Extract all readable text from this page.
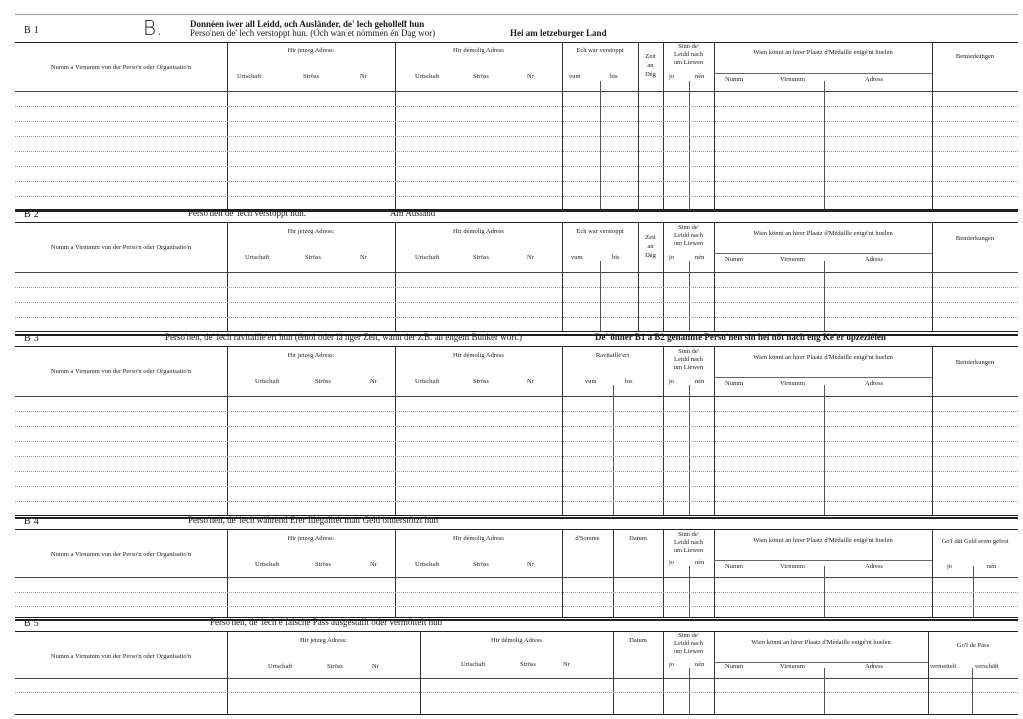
B 1	B.	Donnéen iwer all Leidd, och Ausländer, de' lech geholleſf hun
Perso'nen de' lech verstoppt hun. (Och wan et nömmen én Dag wor)	Hei am letzeburger Land
Numm a Virnumm vun der Perso'n oder Organisatio'n
Hir jetzeg Adress:
Urtschaft	Ströss	Nr
Hir démolig Adress
Urtschaft	Ströss	Nr
Ech war verstoppt
vum	bis
Zeit
an
Dég
Sinn de'
Leidd nach
um Liewen
jo	nén
Wien könnt an hirer Plaatz d'Médaille entgé'nt huelen
Numm	Virnumm	Adress
Bemierkungen
B 2	Perso'nen de' lech verstoppt hun.	Am Ausland
Numm a Virnumm vun der Perso'n oder Organisatio'n
Hir jetzeg Adress:
Urtschaft	Ströss	Nr
Hir démolig Adress
Urtschaft	Ströss	Nr
Ech war verstoppt
vum	bis
Zeit
an
Dég
Sinn de'
Leidd nach
um Liewen
jo	nén
Wien könnt an hirer Plaatz d'Médaille entgé'nt huelen
Numm	Virnumm	Adress
Bemierkungen
B 3	Perso'nen, de' lech ravitaille'ert hun (émol oder lä nger Zeit, wann der z.B. an engem Bunker wort.)	De' önner B1 a B2 genannte Perso'nen sin hei nöt nach eng Ke'er opzeziélen
Numm a Virnumm vun der Perso'n oder Organisatio'n
Hir jetzeg Adress:
Urtschaft	Ströss	Nr
Hir démolig Adress
Urtschaft	Ströss	Nr
Ravitaille'ert
vum	bis
Sinn de'
Leidd nach
um Liewen
jo	nén
Wien könnt an hirer Plaatz d'Médaille entgé'nt huelen
Numm	Virnumm	Adress
Bemierkungen
B 4	Perso'nen, de' lech während Erer Illégalitét matt Geld önnerstötzt hun
Numm a Virnumm vun der Perso'n oder Organisatio'n
Hir jetzeg Adress:
Urtschaft	Ströss	Nr
Hir démolig Adress
Urtschaft	Ströss	Nr
d'Somme	Datum
Sinn de'
Leidd nach
um Liewen
jo	nén
Wien könnt an hirer Plaatz d'Médaille entgé'nt huelen
Numm	Virnumm	Adress
Go'f dät Geld erem gefrot
jo	nén
B 5	Perso'nen, de' lech é falsche Pass ausgestallt oder vermöttelt hun
Numm a Virnumm vun der Perso'n oder Organisatio'n
Hir jetzeg Adress:
Urtschaft	Ströss	Nr
Hir démolig Adress
Urtschaft	Ströss	Nr
Datum
Sinn de'
Leidd nach
um Liewen
jo	nén
Wien könnt an hirer Plaatz d'Médaille entgé'nt huelen
Numm	Virnumm	Adress
Go'f de Pass
vermettelt	verschäft
